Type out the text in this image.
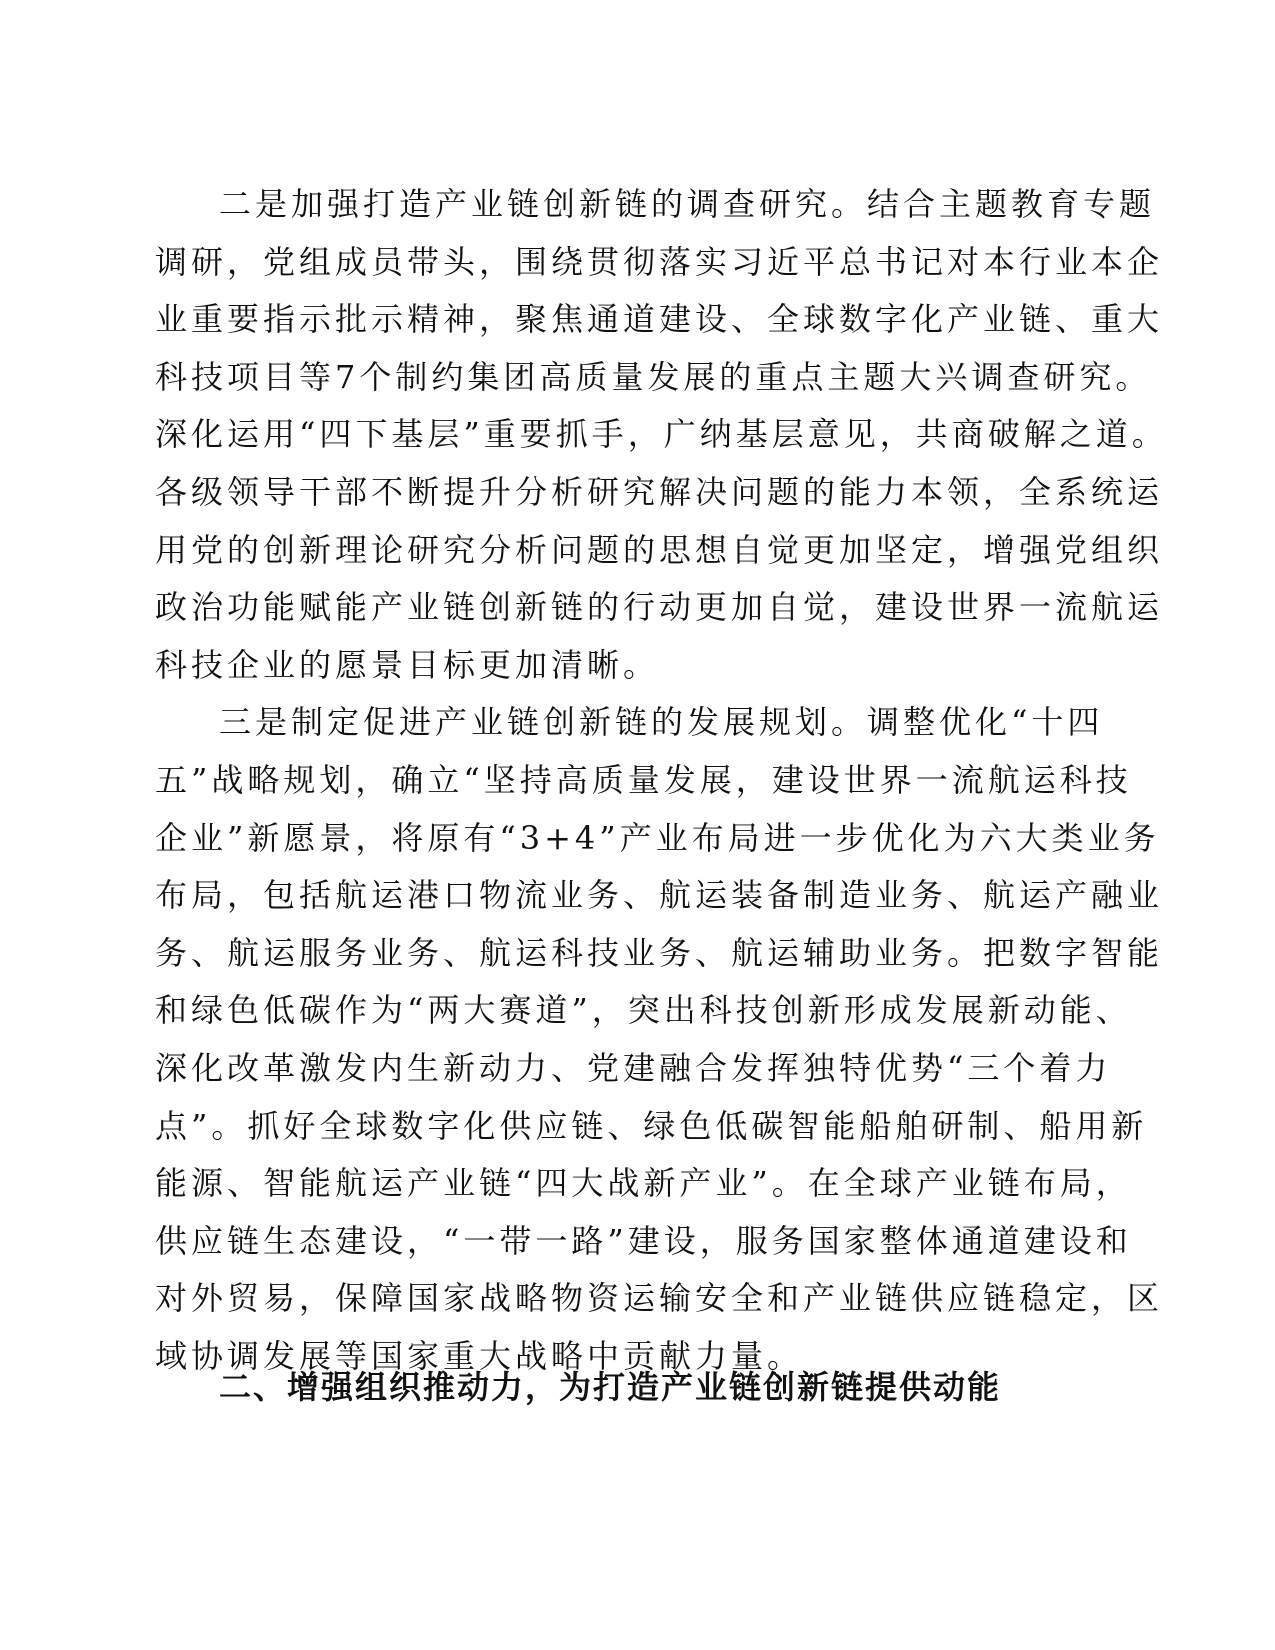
二是加强打造产业链创新链的调查研究。结合主题教育专题
调研，党组成员带头，围绕贯彻落实习近平总书记对本行业本企
业重要指示批示精神，聚焦通道建设、全球数字化产业链、重大
科技项目等7个制约集团高质量发展的重点主题大兴调查研究。
深化运用“四下基层”重要抓手，广纳基层意见，共商破解之道。
各级领导干部不断提升分析研究解决问题的能力本领，全系统运
用党的创新理论研究分析问题的思想自觉更加坚定，增强党组织
政治功能赋能产业链创新链的行动更加自觉，建设世界一流航运
科技企业的愿景目标更加清晰。
三是制定促进产业链创新链的发展规划。调整优化“十四
五”战略规划，确立“坚持高质量发展，建设世界一流航运科技
企业”新愿景，将原有“3+4”产业布局进一步优化为六大类业务
布局，包括航运港口物流业务、航运装备制造业务、航运产融业
务、航运服务业务、航运科技业务、航运辅助业务。把数字智能
和绿色低碳作为“两大赛道”，突出科技创新形成发展新动能、
深化改革激发内生新动力、党建融合发挥独特优势“三个着力
点”。抓好全球数字化供应链、绿色低碳智能船舶研制、船用新
能源、智能航运产业链“四大战新产业”。在全球产业链布局，
供应链生态建设，“一带一路”建设，服务国家整体通道建设和
对外贸易，保障国家战略物资运输安全和产业链供应链稳定，区
域协调发展等国家重大战略中贡献力量。
二、增强组织推动力，为打造产业链创新链提供动能
